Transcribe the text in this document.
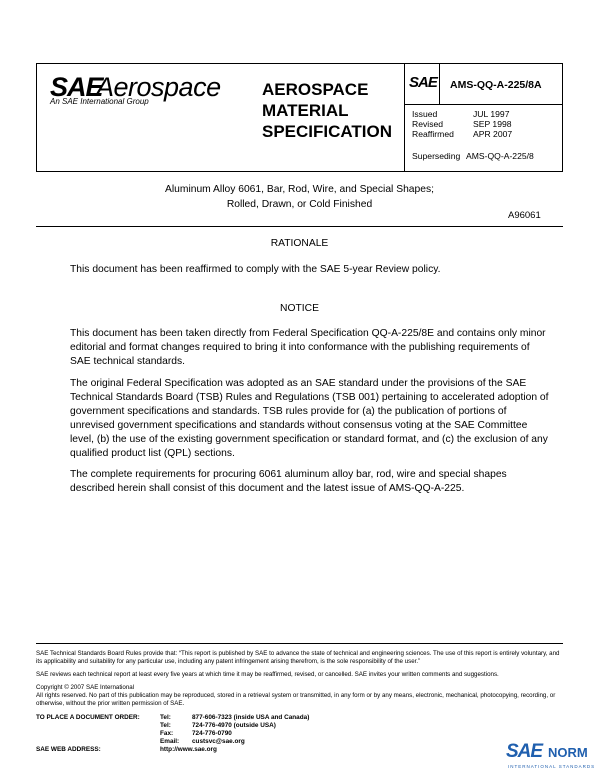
SAE
Aerospace
An SAE International Group
AEROSPACE
MATERIAL
SPECIFICATION
SAE AMS-QQ-A-225/8A
Issued	JUL 1997
Revised	SEP 1998
Reaffirmed APR 2007
Superseding AMS-QQ-A-225/8
Aluminum Alloy 6061, Bar, Rod, Wire, and Special Shapes;
Rolled, Drawn, or Cold Finished
A96061
RATIONALE
This document has been reaffirmed to comply with the SAE 5-year Review policy.
NOTICE
This document has been taken directly from Federal Specification QQ-A-225/8E and contains only minor editorial and format changes required to bring it into conformance with the publishing requirements of SAE technical standards.
The original Federal Specification was adopted as an SAE standard under the provisions of the SAE Technical Standards Board (TSB) Rules and Regulations (TSB 001) pertaining to accelerated adoption of government specifications and standards. TSB rules provide for (a) the publication of portions of unrevised government specifications and standards without consensus voting at the SAE Committee level, (b) the use of the existing government specification or standard format, and (c) the exclusion of any qualified product list (QPL) sections.
The complete requirements for procuring 6061 aluminum alloy bar, rod, wire and special shapes described herein shall consist of this document and the latest issue of AMS-QQ-A-225.
SAE Technical Standards Board Rules provide that: “This report is published by SAE to advance the state of technical and engineering sciences. The use of this report is entirely voluntary, and its applicability and suitability for any particular use, including any patent infringement arising therefrom, is the sole responsibility of the user.”
SAE reviews each technical report at least every five years at which time it may be reaffirmed, revised, or cancelled. SAE invites your written comments and suggestions.
Copyright © 2007 SAE International
All rights reserved. No part of this publication may be reproduced, stored in a retrieval system or transmitted, in any form or by any means, electronic, mechanical, photocopying, recording, or otherwise, without the prior written permission of SAE.
TO PLACE A DOCUMENT ORDER:	Tel:	877-606-7323 (inside USA and Canada)
Tel:	724-776-4970 (outside USA)
Fax:	724-776-0790
Email: custsvc@sae.org
SAE WEB ADDRESS:	http://www.sae.org	SAE NORM
INTERNATIONAL STANDARDS
